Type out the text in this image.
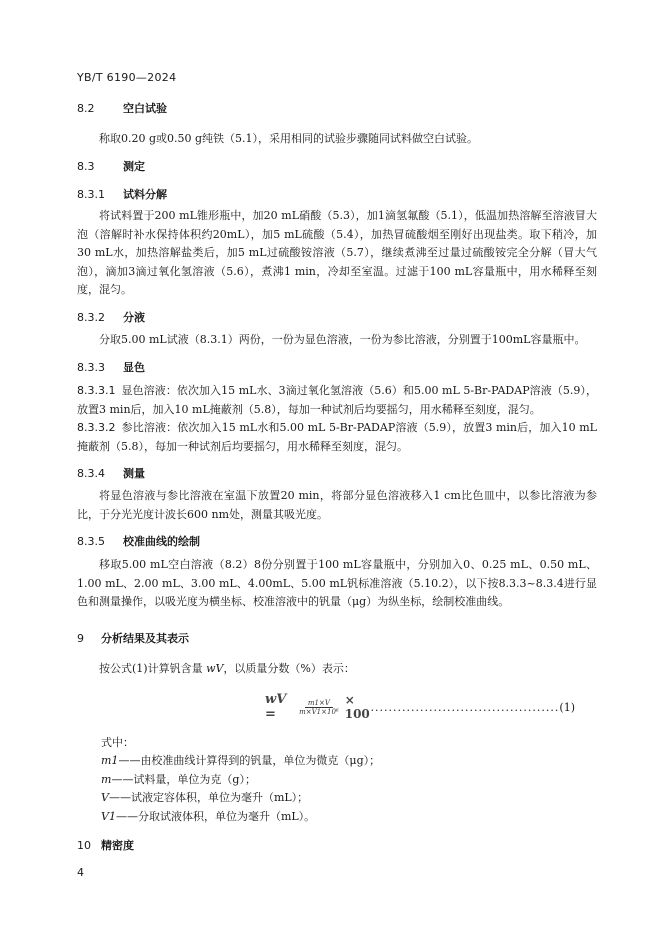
YB/T 6190—2024
8.2	空白试验
称取0.20 g或0.50 g纯铁（5.1），采用相同的试验步骤随同试料做空白试验。
8.3	测定
8.3.1 试料分解
将试料置于200 mL锥形瓶中，加20 mL硝酸（5.3），加1滴氢氟酸（5.1），低温加热溶解至溶液冒大泡（溶解时补水保持体积约20mL），加5 mL硫酸（5.4），加热冒硫酸烟至刚好出现盐类。取下稍冷，加30 mL水，加热溶解盐类后，加5 mL过硫酸铵溶液（5.7），继续煮沸至过量过硫酸铵完全分解（冒大气泡），滴加3滴过氧化氢溶液（5.6），煮沸1 min，冷却至室温。过滤于100 mL容量瓶中，用水稀释至刻度，混匀。
8.3.2 分液
分取5.00 mL试液（8.3.1）两份，一份为显色溶液，一份为参比溶液，分别置于100mL容量瓶中。
8.3.3 显色
8.3.3.1 显色溶液：依次加入15 mL水、3滴过氧化氢溶液（5.6）和5.00 mL 5-Br-PADAP溶液（5.9），放置3 min后，加入10 mL掩蔽剂（5.8），每加一种试剂后均要摇匀，用水稀释至刻度，混匀。
8.3.3.2 参比溶液：依次加入15 mL水和5.00 mL 5-Br-PADAP溶液（5.9），放置3 min后，加入10 mL掩蔽剂（5.8），每加一种试剂后均要摇匀，用水稀释至刻度，混匀。
8.3.4 测量
将显色溶液与参比溶液在室温下放置20 min，将部分显色溶液移入1 cm比色皿中，以参比溶液为参比，于分光光度计波长600 nm处，测量其吸光度。
8.3.5 校准曲线的绘制
移取5.00 mL空白溶液（8.2）8份分别置于100 mL容量瓶中，分别加入0、0.25 mL、0.50 mL、1.00 mL、2.00 mL、3.00 mL、4.00mL、5.00 mL钒标准溶液（5.10.2），以下按8.3.3~8.3.4进行显色和测量操作，以吸光度为横坐标、校准溶液中的钒量（μg）为纵坐标，绘制校准曲线。
9 分析结果及其表示
按公式(1)计算钒含量 wV，以质量分数（%）表示：
wV =	$\frac{m1\times V}{\text{m×V1×10⁶}} \times 100$ .......................................... (1)
式中：
m1——由校准曲线计算得到的钒量，单位为微克（μg）；
m——试料量，单位为克（g）；
V——试液定容体积，单位为毫升（mL）；
V1——分取试液体积，单位为毫升（mL）。
10 精密度
4
